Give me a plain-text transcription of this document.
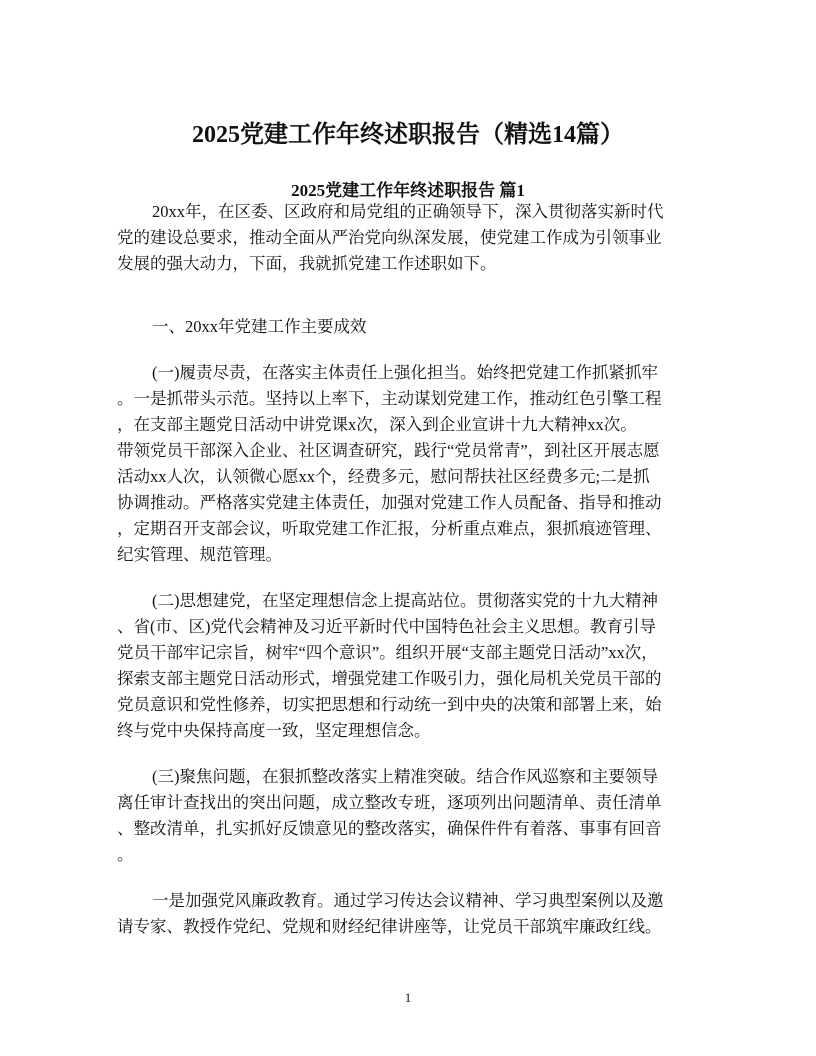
2025党建工作年终述职报告（精选14篇）
2025党建工作年终述职报告 篇1
20xx年，在区委、区政府和局党组的正确领导下，深入贯彻落实新时代
党的建设总要求，推动全面从严治党向纵深发展，使党建工作成为引领事业
发展的强大动力，下面，我就抓党建工作述职如下。
一、20xx年党建工作主要成效
(一)履责尽责，在落实主体责任上强化担当。始终把党建工作抓紧抓牢
。一是抓带头示范。坚持以上率下，主动谋划党建工作，推动红色引擎工程
，在支部主题党日活动中讲党课x次，深入到企业宣讲十九大精神xx次。
带领党员干部深入企业、社区调查研究，践行“党员常青”，到社区开展志愿
活动xx人次，认领微心愿xx个，经费多元，慰问帮扶社区经费多元;二是抓
协调推动。严格落实党建主体责任，加强对党建工作人员配备、指导和推动
，定期召开支部会议，听取党建工作汇报，分析重点难点，狠抓痕迹管理、
纪实管理、规范管理。
(二)思想建党，在坚定理想信念上提高站位。贯彻落实党的十九大精神
、省(市、区)党代会精神及习近平新时代中国特色社会主义思想。教育引导
党员干部牢记宗旨，树牢“四个意识”。组织开展“支部主题党日活动”xx次，
探索支部主题党日活动形式，增强党建工作吸引力，强化局机关党员干部的
党员意识和党性修养，切实把思想和行动统一到中央的决策和部署上来，始
终与党中央保持高度一致，坚定理想信念。
(三)聚焦问题，在狠抓整改落实上精准突破。结合作风巡察和主要领导
离任审计查找出的突出问题，成立整改专班，逐项列出问题清单、责任清单
、整改清单，扎实抓好反馈意见的整改落实，确保件件有着落、事事有回音
。
一是加强党风廉政教育。通过学习传达会议精神、学习典型案例以及邀
请专家、教授作党纪、党规和财经纪律讲座等，让党员干部筑牢廉政红线。
1
